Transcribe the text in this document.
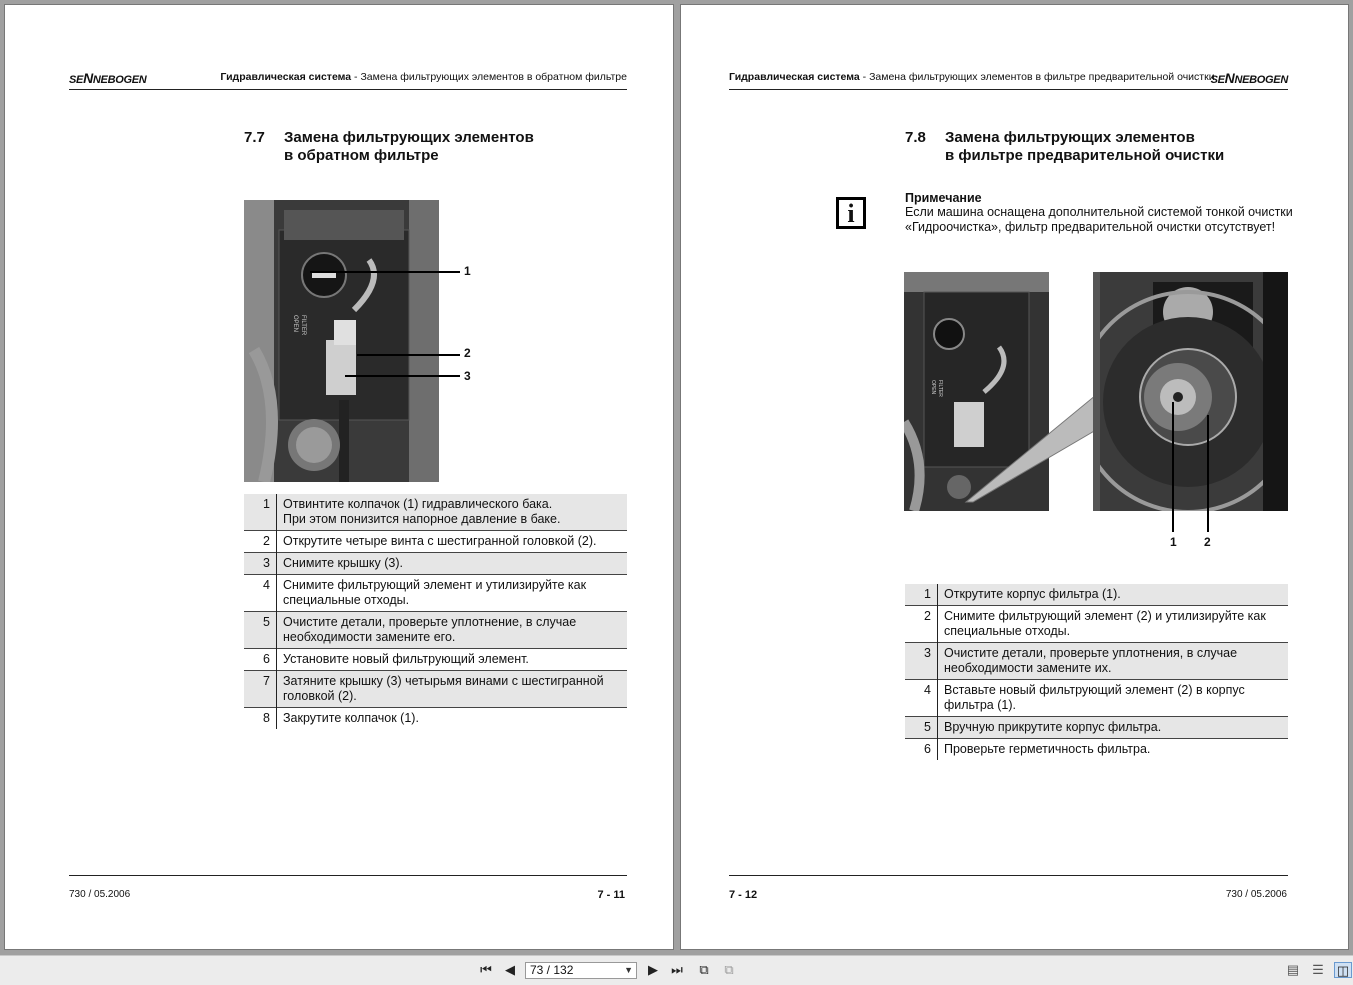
SENNEBOGEN	Гидравлическая система - Замена фильтрующих элементов в обратном фильтре
7.7 Замена фильтрующих элементов
в обратном фильтре
FILTER
OPEN
1
2
3
1	Отвинтите колпачок (1) гидравлического бака.
При этом понизится напорное давление в баке.
2	Открутите четыре винта с шестигранной головкой (2).
3	Снимите крышку (3).
4	Снимите фильтрующий элемент и утилизируйте как специальные отходы.
5	Очистите детали, проверьте уплотнение, в случае необходимости замените его.
6	Установите новый фильтрующий элемент.
7	Затяните крышку (3) четырьмя винами с шестигранной головкой (2).
8	Закрутите колпачок (1).
730 / 05.2006	7 - 11
Гидравлическая система - Замена фильтрующих элементов в фильтре предварительной очистки
SENNEBOGEN
7.8 Замена фильтрующих элементов
в фильтре предварительной очистки
i
Примечание
Если машина оснащена дополнительной системой тонкой очистки «Гидроочистка», фильтр предварительной очистки отсутствует!
FILTER
OPEN
1 2
1	Открутите корпус фильтра (1).
2	Снимите фильтрующий элемент (2) и утилизируйте как специальные отходы.
3	Очистите детали, проверьте уплотнения, в случае необходимости замените их.
4	Вставьте новый фильтрующий элемент (2) в корпус фильтра (1).
5	Вручную прикрутите корпус фильтра.
6	Проверьте герметичность фильтра.
7 - 12	730 / 05.2006
⏮	◀	73 / 132	▼	▶	⏭	⧉	⧉	▤ ☰ ◫
